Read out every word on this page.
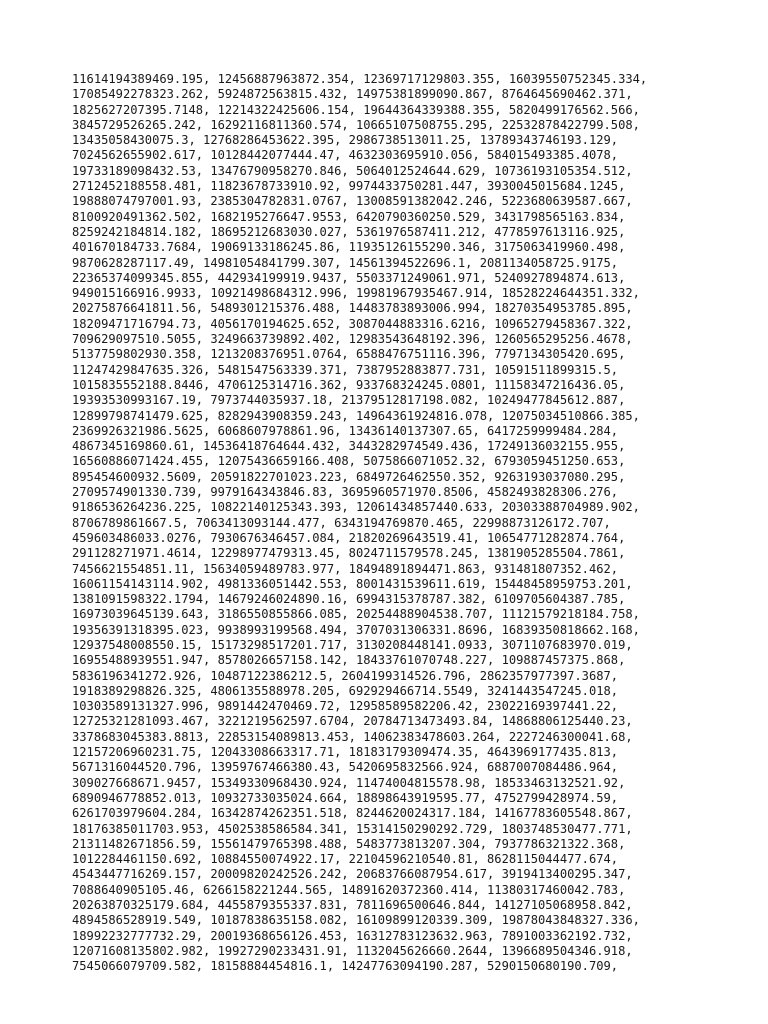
11614194389469.195, 12456887963872.354, 12369717129803.355, 16039550752345.334,
17085492278323.262, 5924872563815.432, 14975381899090.867, 8764645690462.371,
1825627207395.7148, 12214322425606.154, 19644364339388.355, 5820499176562.566,
3845729526265.242, 16292116811360.574, 10665107508755.295, 22532878422799.508,
13435058430075.3, 12768286453622.395, 2986738513011.25, 13789343746193.129,
7024562655902.617, 10128442077444.47, 4632303695910.056, 584015493385.4078,
19733189098432.53, 13476790958270.846, 5064012524644.629, 10736193105354.512,
2712452188558.481, 11823678733910.92, 9974433750281.447, 3930045015684.1245,
19888074797001.93, 2385304782831.0767, 13008591382042.246, 5223680639587.667,
8100920491362.502, 1682195276647.9553, 6420790360250.529, 3431798565163.834,
8259242184814.182, 18695212683030.027, 5361976587411.212, 4778597613116.925,
401670184733.7684, 19069133186245.86, 11935126155290.346, 3175063419960.498,
9870628287117.49, 14981054841799.307, 14561394522696.1, 2081134058725.9175,
22365374099345.855, 442934199919.9437, 5503371249061.971, 5240927894874.613,
949015166916.9933, 10921498684312.996, 19981967935467.914, 18528224644351.332,
20275876641811.56, 5489301215376.488, 14483783893006.994, 18270354953785.895,
18209471716794.73, 4056170194625.652, 3087044883316.6216, 10965279458367.322,
709629097510.5055, 3249663739892.402, 12983543648192.396, 1260565295256.4678,
5137759802930.358, 1213208376951.0764, 6588476751116.396, 7797134305420.695,
11247429847635.326, 5481547563339.371, 7387952883877.731, 10591511899315.5,
1015835552188.8446, 4706125314716.362, 933768324245.0801, 11158347216436.05,
19393530993167.19, 7973744035937.18, 21379512817198.082, 10249477845612.887,
12899798741479.625, 8282943908359.243, 14964361924816.078, 12075034510866.385,
2369926321986.5625, 6068607978861.96, 13436140137307.65, 6417259999484.284,
4867345169860.61, 14536418764644.432, 3443282974549.436, 17249136032155.955,
16560886071424.455, 12075436659166.408, 5075866071052.32, 6793059451250.653,
895454600932.5609, 20591822701023.223, 6849726462550.352, 9263193037080.295,
2709574901330.739, 9979164343846.83, 3695960571970.8506, 4582493828306.276,
9186536264236.225, 10822140125343.393, 12061434857440.633, 20303388704989.902,
8706789861667.5, 7063413093144.477, 6343194769870.465, 22998873126172.707,
459603486033.0276, 7930676346457.084, 21820269643519.41, 10654771282874.764,
291128271971.4614, 12298977479313.45, 8024711579578.245, 1381905285504.7861,
7456621554851.11, 15634059489783.977, 18494891894471.863, 931481807352.462,
16061154143114.902, 4981336051442.553, 8001431539611.619, 15448458959753.201,
1381091598322.1794, 14679246024890.16, 6994315378787.382, 6109705604387.785,
16973039645139.643, 3186550855866.085, 20254488904538.707, 11121579218184.758,
19356391318395.023, 9938993199568.494, 3707031306331.8696, 16839350818662.168,
12937548008550.15, 15173298517201.717, 3130208448141.0933, 3071107683970.019,
16955488939551.947, 8578026657158.142, 18433761070748.227, 109887457375.868,
5836196341272.926, 10487122386212.5, 2604199314526.796, 2862357977397.3687,
1918389298826.325, 4806135588978.205, 692929466714.5549, 3241443547245.018,
10303589131327.996, 9891442470469.72, 12958589582206.42, 23022169397441.22,
12725321281093.467, 3221219562597.6704, 20784713473493.84, 14868806125440.23,
3378683045383.8813, 22853154089813.453, 14062383478603.264, 2227246300041.68,
12157206960231.75, 12043308663317.71, 18183179309474.35, 4643969177435.813,
5671316044520.796, 13959767466380.43, 5420695832566.924, 6887007084486.964,
309027668671.9457, 15349330968430.924, 11474004815578.98, 18533463132521.92,
6890946778852.013, 10932733035024.664, 18898643919595.77, 4752799428974.59,
6261703979604.284, 16342874262351.518, 8244620024317.184, 14167783605548.867,
18176385011703.953, 4502538586584.341, 15314150290292.729, 1803748530477.771,
21311482671856.59, 15561479765398.488, 5483773813207.304, 7937786321322.368,
1012284461150.692, 10884550074922.17, 22104596210540.81, 8628115044477.674,
4543447716269.157, 20009820242526.242, 20683766087954.617, 3919413400295.347,
7088640905105.46, 6266158221244.565, 14891620372360.414, 11380317460042.783,
20263870325179.684, 4455879355337.831, 7811696500646.844, 14127105068958.842,
4894586528919.549, 10187838635158.082, 16109899120339.309, 19878043848327.336,
18992232777732.29, 20019368656126.453, 16312783123632.963, 7891003362192.732,
12071608135802.982, 19927290233431.91, 1132045626660.2644, 1396689504346.918,
7545066079709.582, 18158884454816.1, 14247763094190.287, 5290150680190.709,
